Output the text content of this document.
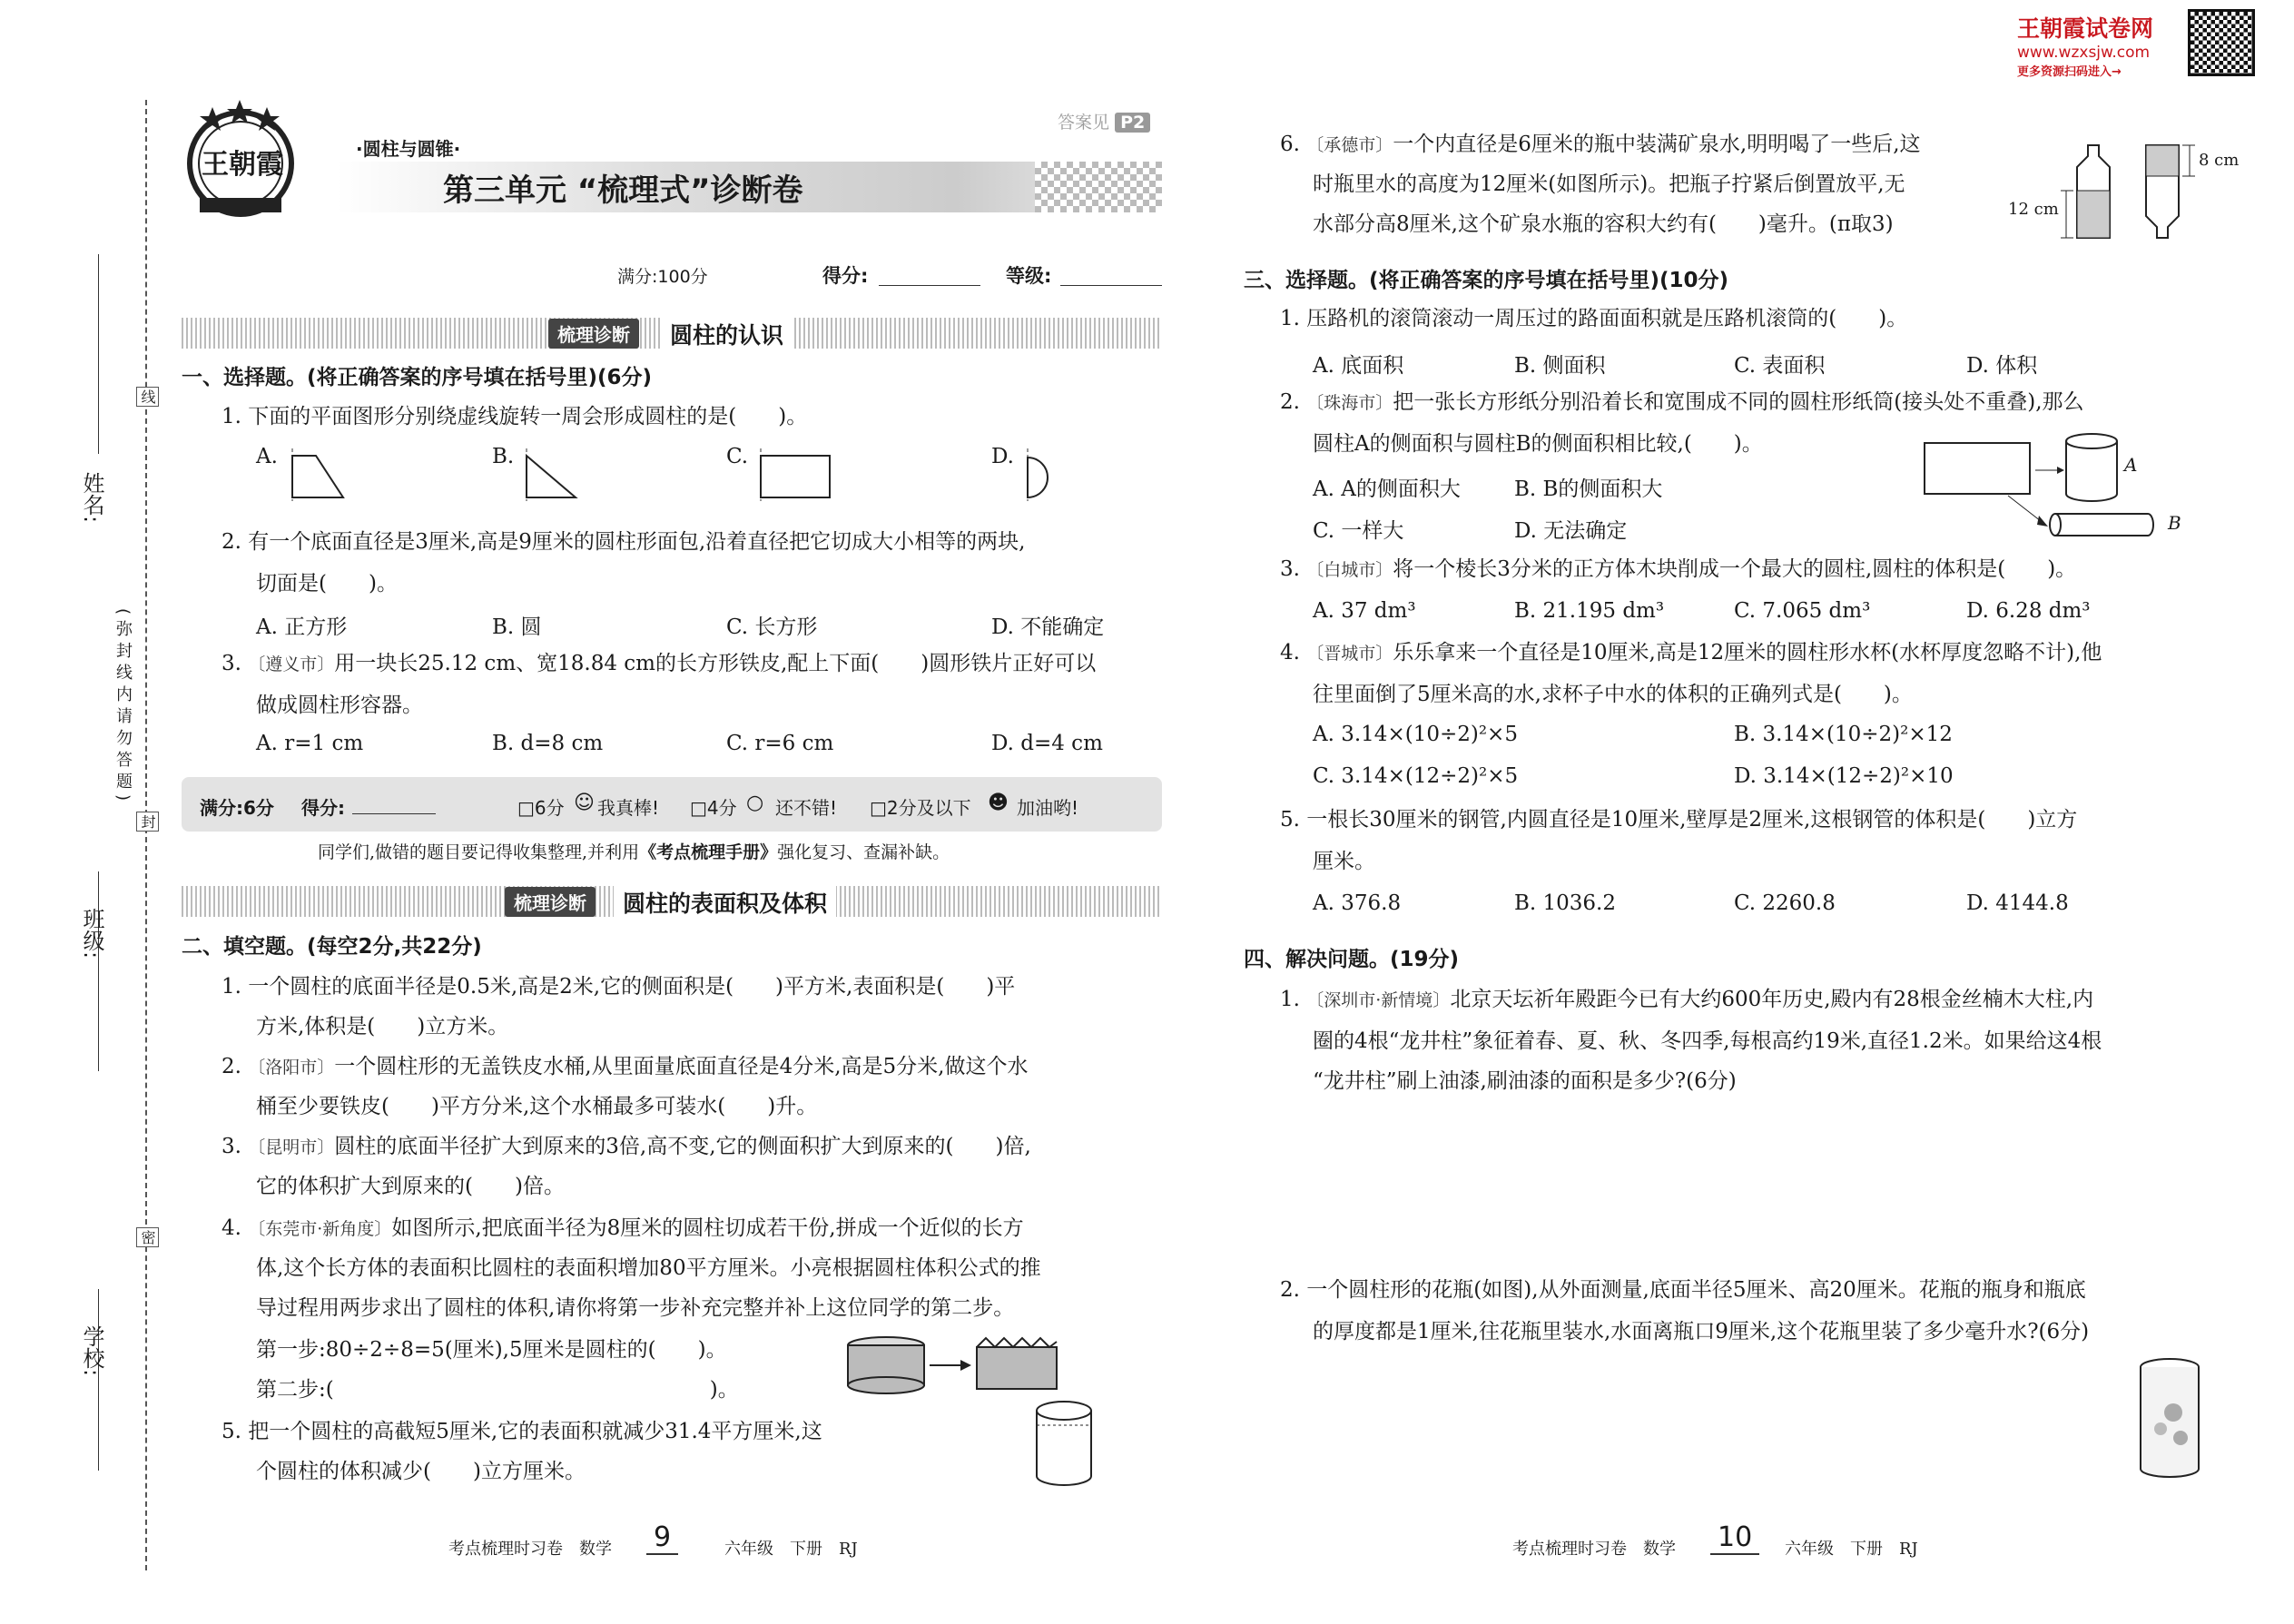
姓名:
班级:
学校:
(弥封线内请勿答题)
线
封
密
王朝霞	·圆柱与圆锥·
第三单元 “梳理式”诊断卷
答案见 P2
满分:100分	得分:	等级:
梳理诊断	圆柱的认识
一、选择题。(将正确答案的序号填在括号里)(6分)
1. 下面的平面图形分别绕虚线旋转一周会形成圆柱的是(　　)。
A.	B.	C.	D.
2. 有一个底面直径是3厘米,高是9厘米的圆柱形面包,沿着直径把它切成大小相等的两块,
切面是(　　)。
A. 正方形	B. 圆	C. 长方形	D. 不能确定
3. 〔遵义市〕用一块长25.12 cm、宽18.84 cm的长方形铁皮,配上下面(　　)圆形铁片正好可以
做成圆柱形容器。
A. r=1 cm	B. d=8 cm	C. r=6 cm	D. d=4 cm
满分:6分 得分:	□6分 ☺ 我真棒! □4分 ○ 还不错! □2分及以下 ☻ 加油哟!
同学们,做错的题目要记得收集整理,并利用《考点梳理手册》强化复习、查漏补缺。
梳理诊断	圆柱的表面积及体积
二、填空题。(每空2分,共22分)
1. 一个圆柱的底面半径是0.5米,高是2米,它的侧面积是(　　)平方米,表面积是(　　)平
方米,体积是(　　)立方米。
2. 〔洛阳市〕一个圆柱形的无盖铁皮水桶,从里面量底面直径是4分米,高是5分米,做这个水
桶至少要铁皮(　　)平方分米,这个水桶最多可装水(　　)升。
3. 〔昆明市〕圆柱的底面半径扩大到原来的3倍,高不变,它的侧面积扩大到原来的(　　)倍,
它的体积扩大到原来的(　　)倍。
4. 〔东莞市·新角度〕如图所示,把底面半径为8厘米的圆柱切成若干份,拼成一个近似的长方
体,这个长方体的表面积比圆柱的表面积增加80平方厘米。小亮根据圆柱体积公式的推
导过程用两步求出了圆柱的体积,请你将第一步补充完整并补上这位同学的第二步。
第一步:80÷2÷8=5(厘米),5厘米是圆柱的(　　)。
第二步:(　　　　　　　　　　　　　　　　　　)。
5. 把一个圆柱的高截短5厘米,它的表面积就减少31.4平方厘米,这
个圆柱的体积减少(　　)立方厘米。
考点梳理时习卷　数学 9	六年级　下册　RJ
王朝霞试卷网
www.wzxsjw.com
更多资源扫码进入→
6. 〔承德市〕一个内直径是6厘米的瓶中装满矿泉水,明明喝了一些后,这
时瓶里水的高度为12厘米(如图所示)。把瓶子拧紧后倒置放平,无
水部分高8厘米,这个矿泉水瓶的容积大约有(　　)毫升。(π取3)
8 cm
12 cm
三、选择题。(将正确答案的序号填在括号里)(10分)
1. 压路机的滚筒滚动一周压过的路面面积就是压路机滚筒的(　　)。
A. 底面积	B. 侧面积	C. 表面积	D. 体积
2. 〔珠海市〕把一张长方形纸分别沿着长和宽围成不同的圆柱形纸筒(接头处不重叠),那么
圆柱A的侧面积与圆柱B的侧面积相比较,(　　)。
A. A的侧面积大	B. B的侧面积大
C. 一样大	D. 无法确定
A
B
3. 〔白城市〕将一个棱长3分米的正方体木块削成一个最大的圆柱,圆柱的体积是(　　)。
A. 37 dm³	B. 21.195 dm³	C. 7.065 dm³	D. 6.28 dm³
4. 〔晋城市〕乐乐拿来一个直径是10厘米,高是12厘米的圆柱形水杯(水杯厚度忽略不计),他
往里面倒了5厘米高的水,求杯子中水的体积的正确列式是(　　)。
A. 3.14×(10÷2)²×5	B. 3.14×(10÷2)²×12
C. 3.14×(12÷2)²×5	D. 3.14×(12÷2)²×10
5. 一根长30厘米的钢管,内圆直径是10厘米,壁厚是2厘米,这根钢管的体积是(　　)立方
厘米。
A. 376.8	B. 1036.2	C. 2260.8	D. 4144.8
四、解决问题。(19分)
1. 〔深圳市·新情境〕北京天坛祈年殿距今已有大约600年历史,殿内有28根金丝楠木大柱,内
圈的4根“龙井柱”象征着春、夏、秋、冬四季,每根高约19米,直径1.2米。如果给这4根
“龙井柱”刷上油漆,刷油漆的面积是多少?(6分)
2. 一个圆柱形的花瓶(如图),从外面测量,底面半径5厘米、高20厘米。花瓶的瓶身和瓶底
的厚度都是1厘米,往花瓶里装水,水面离瓶口9厘米,这个花瓶里装了多少毫升水?(6分)
考点梳理时习卷　数学 10	六年级　下册　RJ
